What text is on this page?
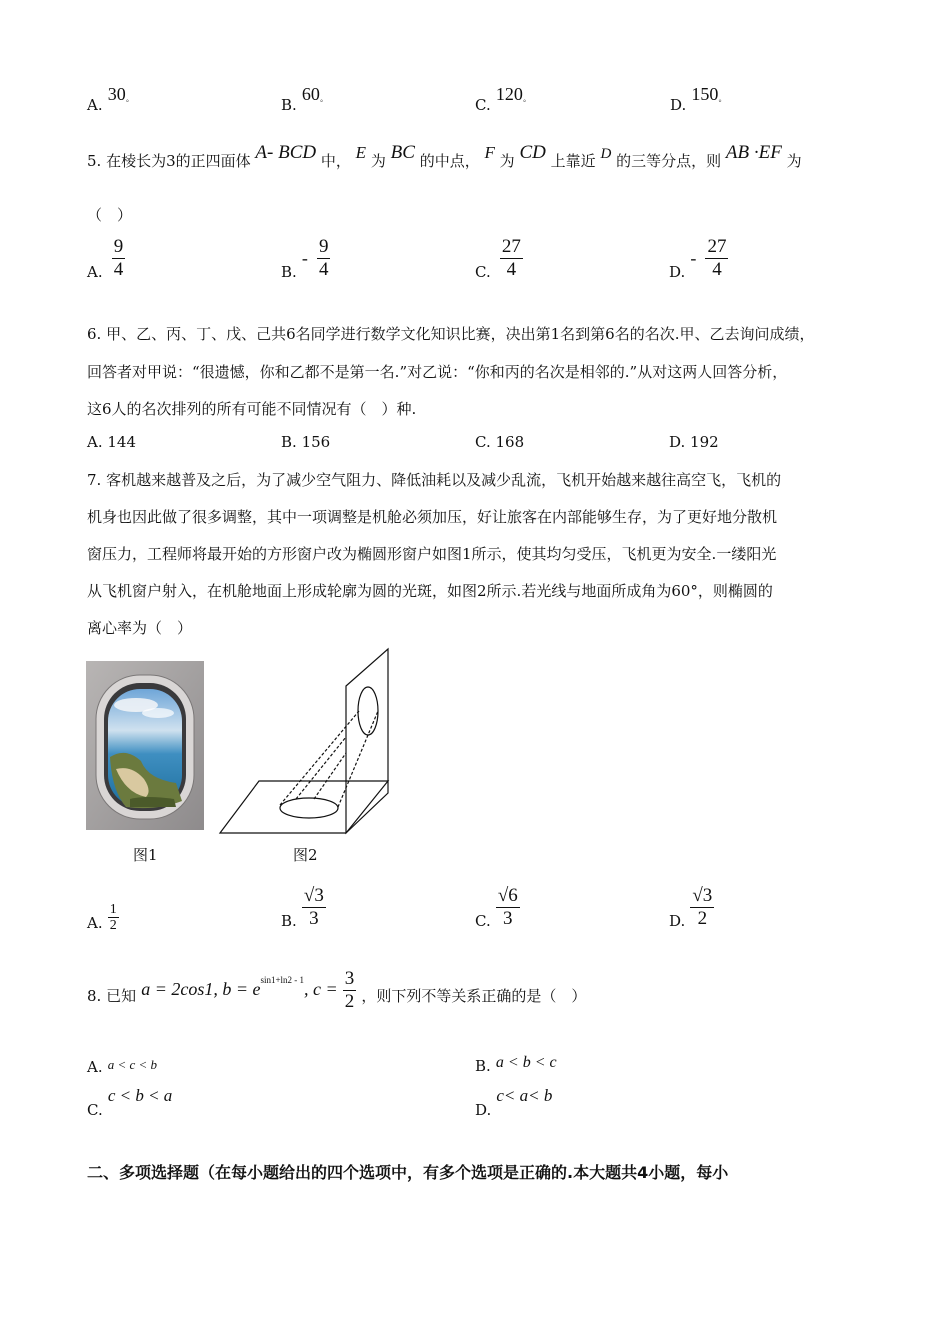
A. 30◦	B. 60◦	C. 120◦	D. 150◦
5. 在棱长为3的正四面体 A- BCD 中， E 为 BC 的中点， F 为 CD 上靠近 D 的三等分点，则 AB ·EF 为
（　）
A. $\frac{9}{4}$	B. - $\frac{9}{4}$	C. $\frac{27}{4}$	D. - $\frac{27}{4}$
6. 甲、乙、丙、丁、戊、己共6名同学进行数学文化知识比赛，决出第1名到第6名的名次.甲、乙去询问成绩，
回答者对甲说：“很遗憾，你和乙都不是第一名.”对乙说：“你和丙的名次是相邻的.”从对这两人回答分析，
这6人的名次排列的所有可能不同情况有（　）种.
A. 144	B. 156	C. 168	D. 192
7. 客机越来越普及之后，为了减少空气阻力、降低油耗以及减少乱流，飞机开始越来越往高空飞，飞机的
机身也因此做了很多调整，其中一项调整是机舱必须加压，好让旅客在内部能够生存，为了更好地分散机
窗压力，工程师将最开始的方形窗户改为椭圆形窗户如图1所示，使其均匀受压，飞机更为安全.一缕阳光
从飞机窗户射入，在机舱地面上形成轮廓为圆的光斑，如图2所示.若光线与地面所成角为60°，则椭圆的
离心率为（　）
图1	图2
A. $\frac{1}{2}$	B. $\frac{√3}{3}$	C. $\frac{√6}{3}$	D. $\frac{√3}{2}$
8. 已知 a = 2cos1, $b = e^{sin1+ln2 - 1}$, $c = \frac{3}{2}$ ，则下列不等关系正确的是（　）
A. a < c < b	B. a < b < c
C. c < b < a
D. c< a< b
二、多项选择题（在每小题给出的四个选项中，有多个选项是正确的.本大题共4小题，每小
